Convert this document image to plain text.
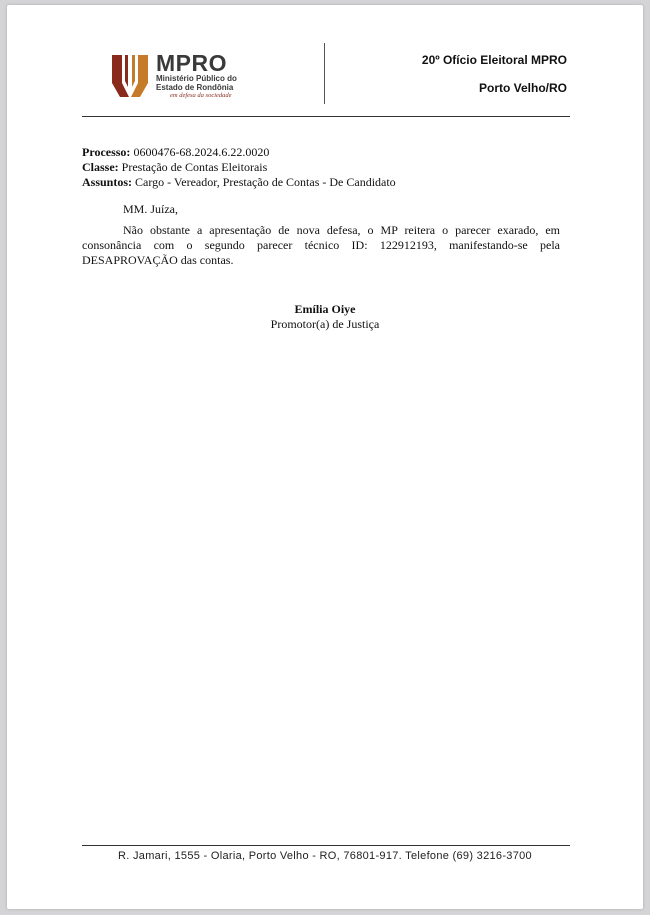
MPRO
Ministério Público do
Estado de Rondônia
em defesa da sociedade
20º Ofício Eleitoral MPRO
Porto Velho/RO
Processo: 0600476-68.2024.6.22.0020
Classe: Prestação de Contas Eleitorais
Assuntos: Cargo - Vereador, Prestação de Contas - De Candidato
MM. Juíza,

Não obstante a apresentação de nova defesa, o MP reitera o parecer exarado, em consonância com o segundo parecer técnico ID: 122912193, manifestando-se pela DESAPROVAÇÃO das contas.

Emília Oiye
Promotor(a) de Justiça
R. Jamari, 1555 - Olaria, Porto Velho - RO, 76801-917. Telefone (69) 3216-3700
